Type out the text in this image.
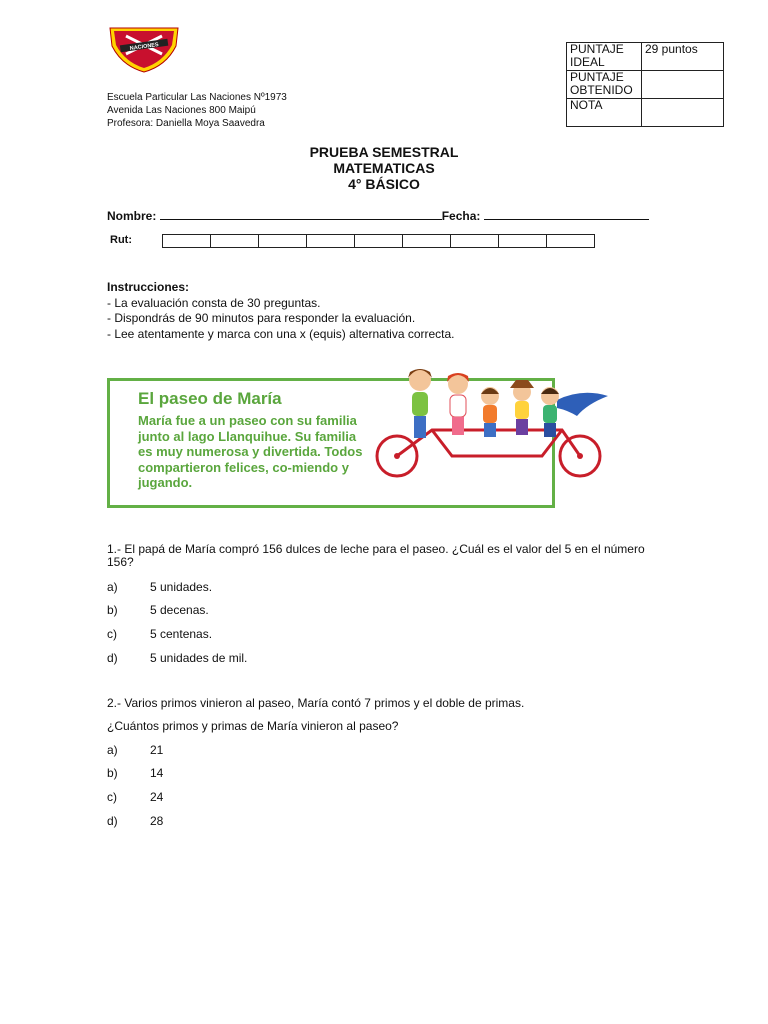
NACIONES
Escuela Particular Las Naciones Nº1973
Avenida Las Naciones 800 Maipú
Profesora: Daniella Moya Saavedra
PUNTAJE IDEAL	29 puntos
PUNTAJE OBTENIDO	
NOTA	
PRUEBA SEMESTRAL
MATEMATICAS
4° BÁSICO
Nombre:	Fecha:
Rut:
Instrucciones:
- La evaluación consta de 30 preguntas.
- Dispondrás de 90 minutos para responder la evaluación.
- Lee atentamente y marca con una x (equis) alternativa correcta.
El paseo de María
María fue a un paseo con su familia junto al lago Llanquihue. Su familia es muy numerosa y divertida. Todos compartieron felices, co-miendo y jugando.
1.- El papá de María compró 156 dulces de leche para el paseo. ¿Cuál es el valor del 5 en el número 156?
a)	5 unidades.
b)	5 decenas.
c)	5 centenas.
d)	5 unidades de mil.
2.- Varios primos vinieron al paseo, María contó 7 primos y el doble de primas.
¿Cuántos primos y primas de María vinieron al paseo?
a)	21
b)	14
c)	24
d)	28
